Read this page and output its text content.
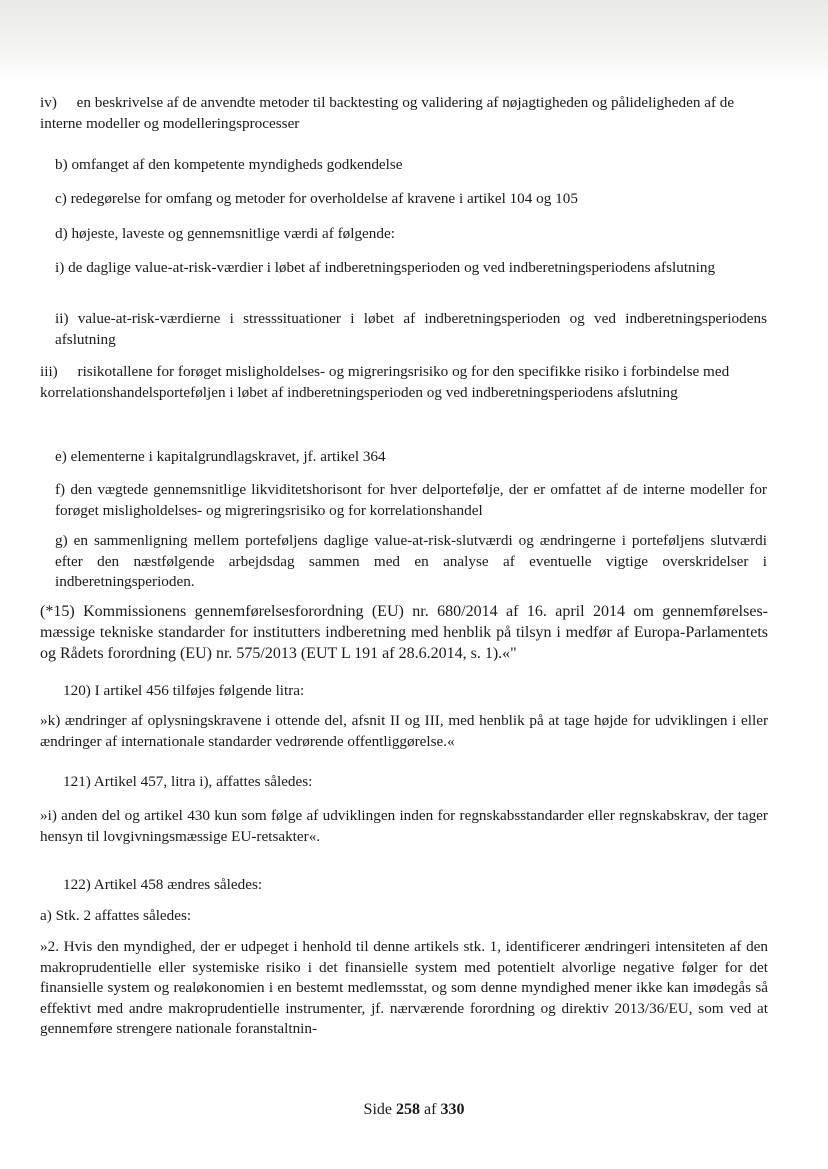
iv) en beskrivelse af de anvendte metoder til backtesting og validering af nøjagtigheden og pålideligheden af de interne modeller og modelleringsprocesser

b) omfanget af den kompetente myndigheds godkendelse

c) redegørelse for omfang og metoder for overholdelse af kravene i artikel 104 og 105

d) højeste, laveste og gennemsnitlige værdi af følgende:

i) de daglige value-at-risk-værdier i løbet af indberetningsperioden og ved indberetningsperiodens afslutning

ii) value-at-risk-værdierne i stresssituationer i løbet af indberetningsperioden og ved indberetningsperiodens afslutning

iii) risikotallene for forøget misligholdelses- og migreringsrisiko og for den specifikke risiko i forbindelse med korrelationshandelsporteføljen i løbet af indberetningsperioden og ved indberetningsperiodens afslutning

e) elementerne i kapitalgrundlagskravet, jf. artikel 364

f) den vægtede gennemsnitlige likviditetshorisont for hver delportefølje, der er omfattet af de interne modeller for forøget misligholdelses- og migreringsrisiko og for korrelationshandel

g) en sammenligning mellem porteføljens daglige value-at-risk-slutværdi og ændringerne i porteføljens slutværdi efter den næstfølgende arbejdsdag sammen med en analyse af eventuelle vigtige overskridelser i indberetningsperioden.

(*15) Kommissionens gennemførelsesforordning (EU) nr. 680/2014 af 16. april 2014 om gennemførelsesmæssige tekniske standarder for institutters indberetning med henblik på tilsyn i medfør af Europa-Parlamentets og Rådets forordning (EU) nr. 575/2013 (EUT L 191 af 28.6.2014, s. 1).«"

120) I artikel 456 tilføjes følgende litra:

»k) ændringer af oplysningskravene i ottende del, afsnit II og III, med henblik på at tage højde for udviklingen i eller ændringer af internationale standarder vedrørende offentliggørelse.«

121) Artikel 457, litra i), affattes således:

»i) anden del og artikel 430 kun som følge af udviklingen inden for regnskabsstandarder eller regnskabskrav, der tager hensyn til lovgivningsmæssige EU-retsakter«.

122) Artikel 458 ændres således:

a) Stk. 2 affattes således:

»2. Hvis den myndighed, der er udpeget i henhold til denne artikels stk. 1, identificerer ændringeri intensiteten af den makroprudentielle eller systemiske risiko i det finansielle system med potentielt alvorlige negative følger for det finansielle system og realøkonomien i en bestemt medlemsstat, og som denne myndighed mener ikke kan imødegås så effektivt med andre makroprudentielle instrumenter, jf. nærværende forordning og direktiv 2013/36/EU, som ved at gennemføre strengere nationale foranstaltnin-

Side 258 af 330
